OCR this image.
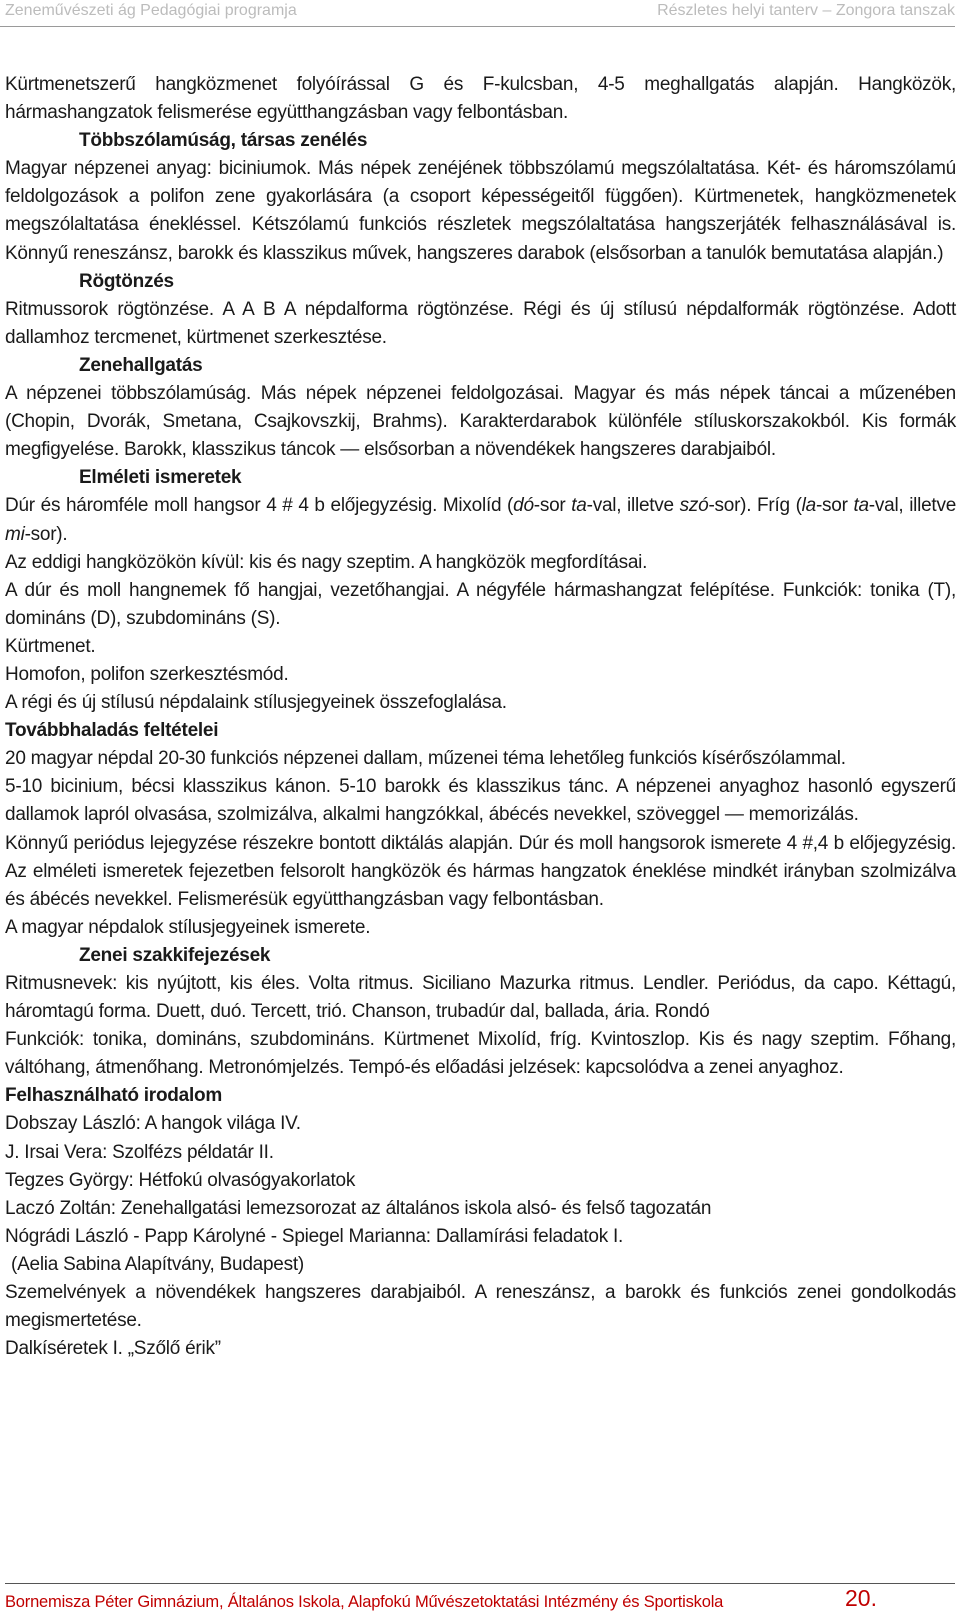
Zeneművészeti ág Pedagógiai programja	Részletes helyi tanterv – Zongora tanszak

Kürtmenetszerű hangközmenet folyóírással G és F-kulcsban, 4-5 meghallgatás alapján. Hangközök, hármashangzatok felismerése együtthangzásban vagy felbontásban.

Többszólamúság, társas zenélés

Magyar népzenei anyag: biciniumok. Más népek zenéjének többszólamú megszólaltatása. Két- és háromszólamú feldolgozások a polifon zene gyakorlására (a csoport képességeitől függően). Kürtmenetek, hangközmenetek megszólaltatása énekléssel. Kétszólamú funkciós részletek megszólaltatása hangszerjáték felhasználásával is. Könnyű reneszánsz, barokk és klasszikus művek, hangszeres darabok (elsősorban a tanulók bemutatása alapján.)

Rögtönzés

Ritmussorok rögtönzése. A A B A népdalforma rögtönzése. Régi és új stílusú népdalformák rögtönzése. Adott dallamhoz tercmenet, kürtmenet szerkesztése.

Zenehallgatás

A népzenei többszólamúság. Más népek népzenei feldolgozásai. Magyar és más népek táncai a műzenében (Chopin, Dvorák, Smetana, Csajkovszkij, Brahms). Karakterdarabok különféle stíluskorszakokból. Kis formák megfigyelése. Barokk, klasszikus táncok — elsősorban a növendékek hangszeres darabjaiból.

Elméleti ismeretek

Dúr és háromféle moll hangsor 4 # 4 b előjegyzésig. Mixolíd (dó-sor ta-val, illetve szó-sor). Fríg (la-sor ta-val, illetve mi-sor).

Az eddigi hangközökön kívül: kis és nagy szeptim. A hangközök megfordításai.

A dúr és moll hangnemek fő hangjai, vezetőhangjai. A négyféle hármashangzat felépítése. Funkciók: tonika (T), domináns (D), szubdomináns (S).

Kürtmenet.

Homofon, polifon szerkesztésmód.

A régi és új stílusú népdalaink stílusjegyeinek összefoglalása.

Továbbhaladás feltételei

20 magyar népdal 20-30 funkciós népzenei dallam, műzenei téma lehetőleg funkciós kísérőszólammal.

5-10 bicinium, bécsi klasszikus kánon. 5-10 barokk és klasszikus tánc. A népzenei anyaghoz hasonló egyszerű dallamok lapról olvasása, szolmizálva, alkalmi hangzókkal, ábécés nevekkel, szöveggel — memorizálás.

Könnyű periódus lejegyzése részekre bontott diktálás alapján. Dúr és moll hangsorok ismerete 4 #,4 b előjegyzésig. Az elméleti ismeretek fejezetben felsorolt hangközök és hármas hangzatok éneklése mindkét irányban szolmizálva és ábécés nevekkel. Felismerésük együtthangzásban vagy felbontásban.

A magyar népdalok stílusjegyeinek ismerete.

Zenei szakkifejezések

Ritmusnevek: kis nyújtott, kis éles. Volta ritmus. Siciliano Mazurka ritmus. Lendler. Periódus, da capo. Kéttagú, háromtagú forma. Duett, duó. Tercett, trió. Chanson, trubadúr dal, ballada, ária. Rondó

Funkciók: tonika, domináns, szubdomináns. Kürtmenet Mixolíd, fríg. Kvintoszlop. Kis és nagy szeptim. Főhang, váltóhang, átmenőhang. Metronómjelzés. Tempó-és előadási jelzések: kapcsolódva a zenei anyaghoz.

Felhasználható irodalom

Dobszay László: A hangok világa IV.

J. Irsai Vera: Szolfézs példatár II.

Tegzes György: Hétfokú olvasógyakorlatok

Laczó Zoltán: Zenehallgatási lemezsorozat az általános iskola alsó- és felső tagozatán

Nógrádi László - Papp Károlyné - Spiegel Marianna: Dallamírási feladatok I.

(Aelia Sabina Alapítvány, Budapest)

Szemelvények a növendékek hangszeres darabjaiból. A reneszánsz, a barokk és funkciós zenei gondolkodás megismertetése.

Dalkíséretek I. „Szőlő érik”

Bornemisza Péter Gimnázium, Általános Iskola, Alapfokú Művészetoktatási Intézmény és Sportiskola	20.
